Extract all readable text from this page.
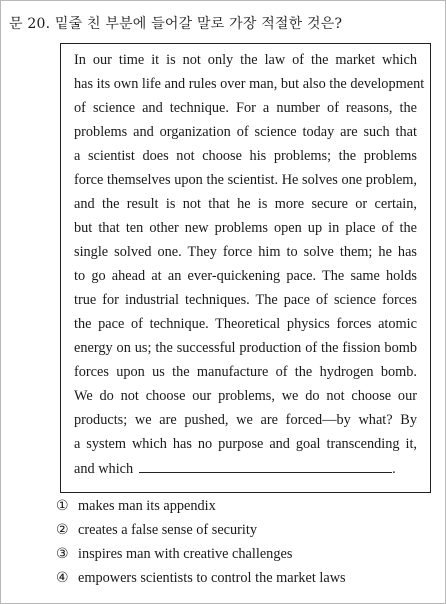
문 20. 밑줄 친 부분에 들어갈 말로 가장 적절한 것은?
In our time it is not only the law of the market which
has its own life and rules over man, but also the development
of science and technique. For a number of reasons, the
problems and organization of science today are such that
a scientist does not choose his problems; the problems
force themselves upon the scientist. He solves one problem,
and the result is not that he is more secure or certain,
but that ten other new problems open up in place of the
single solved one. They force him to solve them; he has
to go ahead at an ever-quickening pace. The same holds
true for industrial techniques. The pace of science forces
the pace of technique. Theoretical physics forces atomic
energy on us; the successful production of the fission bomb
forces upon us the manufacture of the hydrogen bomb.
We do not choose our problems, we do not choose our
products; we are pushed, we are forced—by what? By
a system which has no purpose and goal transcending it,
and which	.
① makes man its appendix
② creates a false sense of security
③ inspires man with creative challenges
④ empowers scientists to control the market laws
